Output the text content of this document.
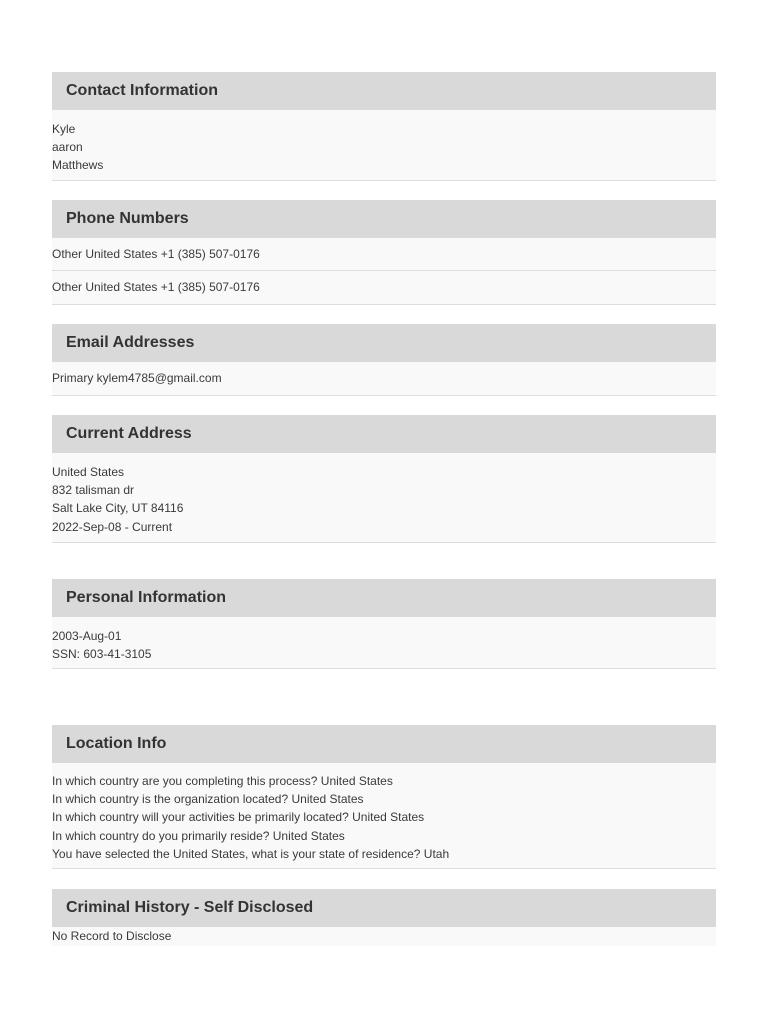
Contact Information
Kyle
aaron
Matthews
Phone Numbers
Other United States +1 (385) 507-0176
Other United States +1 (385) 507-0176
Email Addresses
Primary kylem4785@gmail.com
Current Address
United States
832 talisman dr
Salt Lake City, UT 84116
2022-Sep-08 - Current
Personal Information
2003-Aug-01
SSN: 603-41-3105
Location Info
In which country are you completing this process? United States
In which country is the organization located? United States
In which country will your activities be primarily located? United States
In which country do you primarily reside? United States
You have selected the United States, what is your state of residence? Utah
Criminal History - Self Disclosed
No Record to Disclose
